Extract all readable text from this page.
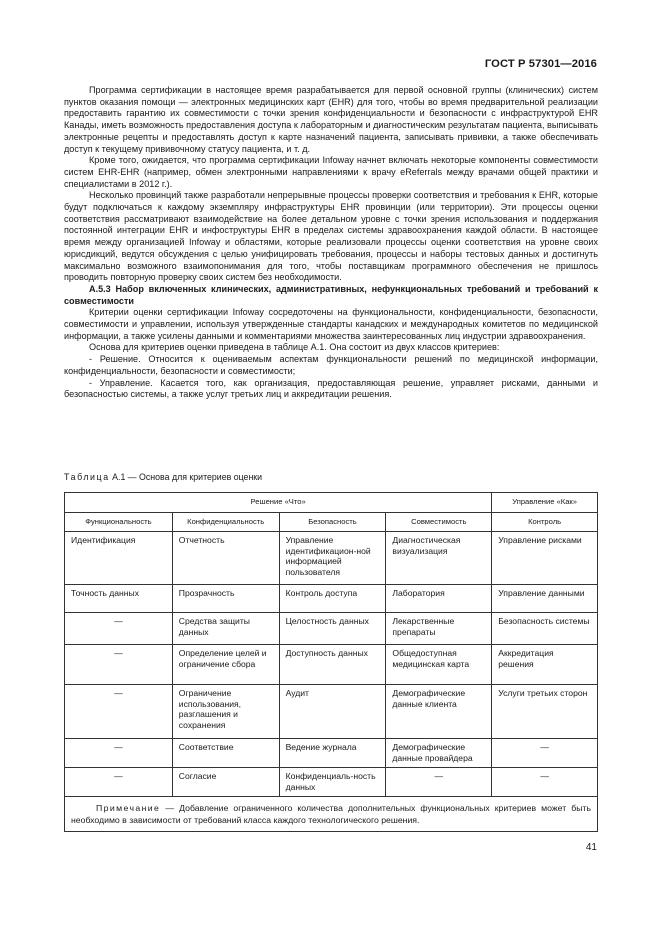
ГОСТ Р 57301—2016

Программа сертификации в настоящее время разрабатывается для первой основной группы (клинических) систем пунктов оказания помощи — электронных медицинских карт (EHR) для того, чтобы во время предварительной реализации предоставить гарантию их совместимости с точки зрения конфиденциальности и безопасности с инфраструктурой EHR Канады, иметь возможность предоставления доступа к лабораторным и диагностическим результатам пациента, выписывать электронные рецепты и предоставлять доступ к карте назначений пациента, записывать прививки, а также обеспечивать доступ к текущему прививочному статусу пациента, и т. д.

Кроме того, ожидается, что программа сертификации Infoway начнет включать некоторые компоненты совместимости систем EHR-EHR (например, обмен электронными направлениями к врачу eReferrals между врачами общей практики и специалистами в 2012 г.).

Несколько провинций также разработали непрерывные процессы проверки соответствия и требования к EHR, которые будут подключаться к каждому экземпляру инфраструктуры EHR провинции (или территории). Эти процессы оценки соответствия рассматривают взаимодействие на более детальном уровне с точки зрения использования и поддержания постоянной интеграции EHR и инфоструктуры EHR в пределах системы здравоохранения каждой области. В настоящее время между организацией Infoway и областями, которые реализовали процессы оценки соответствия на уровне своих юрисдикций, ведутся обсуждения с целью унифицировать требования, процессы и наборы тестовых данных и достигнуть максимально возможного взаимопонимания для того, чтобы поставщикам программного обеспечения не пришлось проводить повторную проверку своих систем без необходимости.

А.5.3 Набор включенных клинических, административных, нефункциональных требований и требований к совместимости

Критерии оценки сертификации Infoway сосредоточены на функциональности, конфиденциальности, безопасности, совместимости и управлении, используя утвержденные стандарты канадских и международных комитетов по медицинской информации, а также усилены данными и комментариями множества заинтересованных лиц индустрии здравоохранения.

Основа для критериев оценки приведена в таблице А.1. Она состоит из двух классов критериев:

- Решение. Относится к оцениваемым аспектам функциональности решений по медицинской информации, конфиденциальности, безопасности и совместимости;

- Управление. Касается того, как организация, предоставляющая решение, управляет рисками, данными и безопасностью системы, а также услуг третьих лиц и аккредитации решения.

Таблица А.1 — Основа для критериев оценки
Решение «Что»				Управление «Как»
Функциональность	Конфиденциальность	Безопасность	Совместимость	Контроль
Идентификация	Отчетность	Управление идентификацион-ной информацией пользователя	Диагностическая визуализация	Управление рисками
Точность данных	Прозрачность	Контроль доступа	Лаборатория	Управление данными
—	Средства защиты данных	Целостность данных	Лекарственные препараты	Безопасность системы
—	Определение целей и ограничение сбора	Доступность данных	Общедоступная медицинская карта	Аккредитация решения
—	Ограничение использования, разглашения и сохранения	Аудит	Демографические данные клиента	Услуги третьих сторон
—	Соответствие	Ведение журнала	Демографические данные провайдера	—
—	Согласие	Конфиденциаль-ность данных	—	—
Примечание — Добавление ограниченного количества дополнительных функциональных критериев может быть необходимо в зависимости от требований класса каждого технологического решения.				
41
